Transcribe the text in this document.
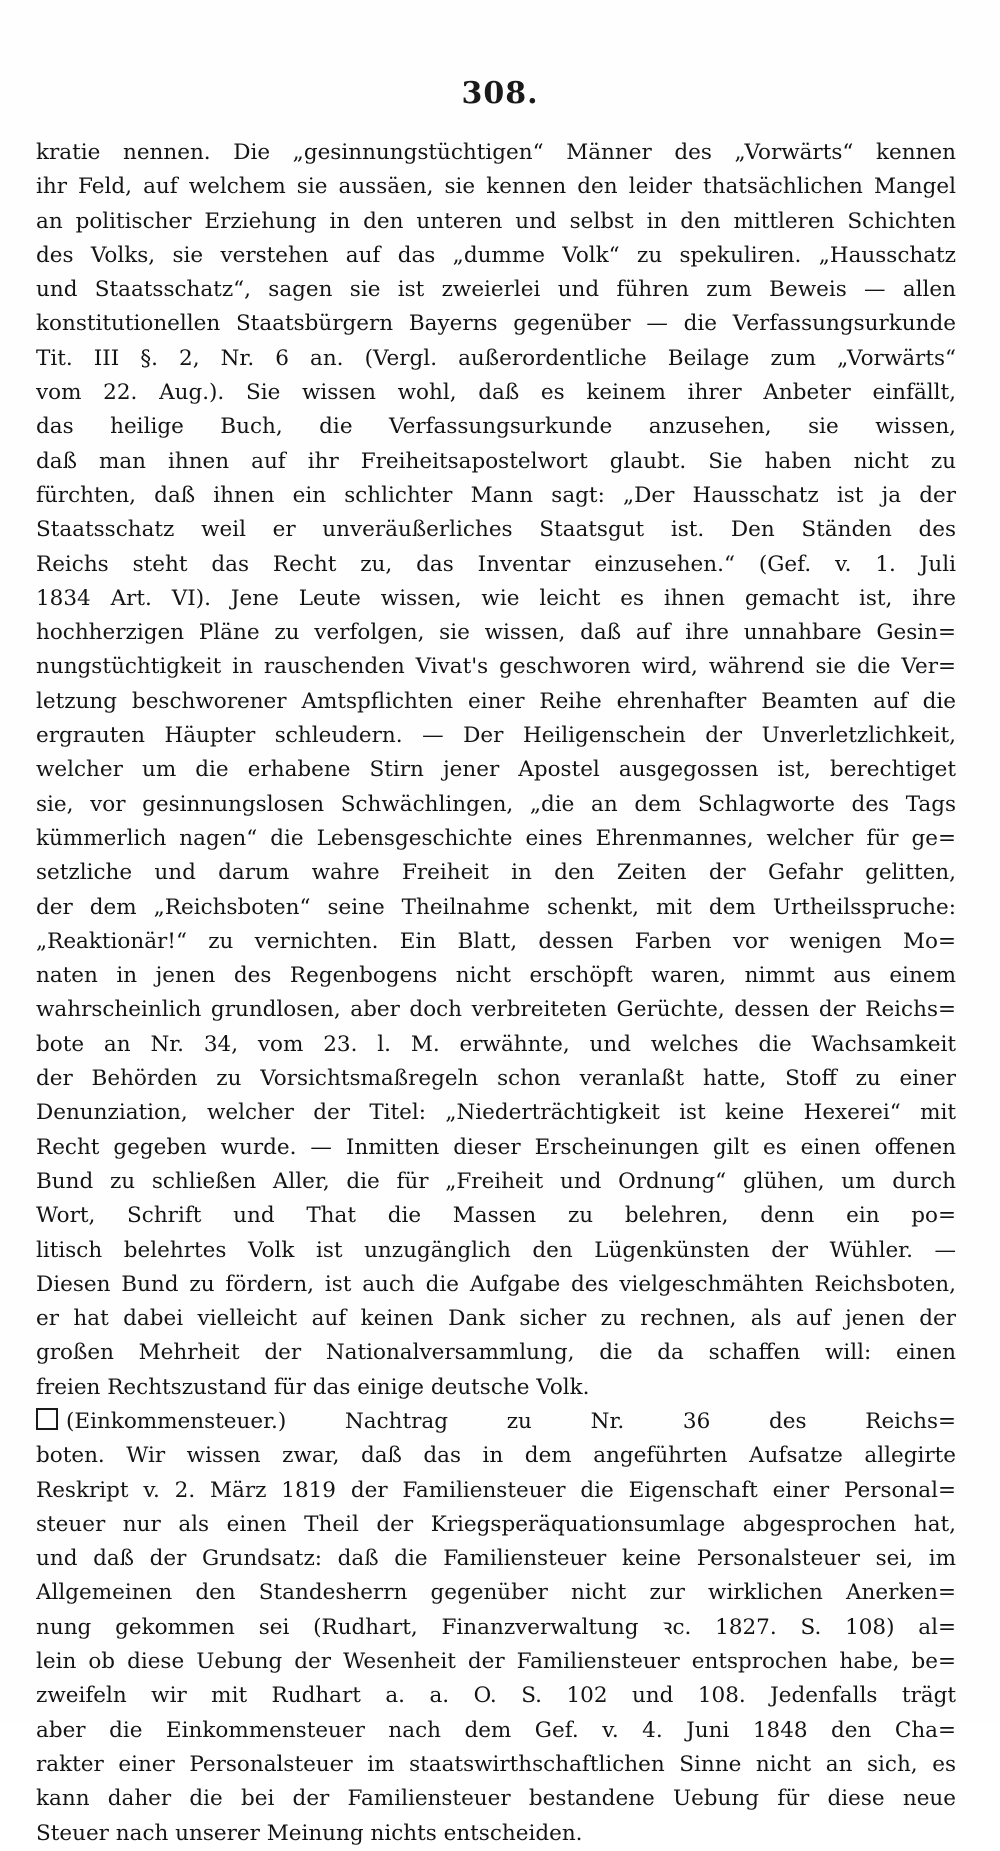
308.
kratie nennen. Die „gesinnungstüchtigen“ Männer des „Vorwärts“ kennen
ihr Feld, auf welchem sie aussäen, sie kennen den leider thatsächlichen Mangel
an politischer Erziehung in den unteren und selbst in den mittleren Schichten
des Volks, sie verstehen auf das „dumme Volk“ zu spekuliren. „Hausschatz
und Staatsschatz“, sagen sie ist zweierlei und führen zum Beweis — allen
konstitutionellen Staatsbürgern Bayerns gegenüber — die Verfassungsurkunde
Tit. III §. 2, Nr. 6 an. (Vergl. außerordentliche Beilage zum „Vorwärts“
vom 22. Aug.). Sie wissen wohl, daß es keinem ihrer Anbeter einfällt,
das heilige Buch, die Verfassungsurkunde anzusehen, sie wissen,
daß man ihnen auf ihr Freiheitsapostelwort glaubt. Sie haben nicht zu
fürchten, daß ihnen ein schlichter Mann sagt: „Der Hausschatz ist ja der
Staatsschatz weil er unveräußerliches Staatsgut ist. Den Ständen des
Reichs steht das Recht zu, das Inventar einzusehen.“ (Gef. v. 1. Juli
1834 Art. VI). Jene Leute wissen, wie leicht es ihnen gemacht ist, ihre
hochherzigen Pläne zu verfolgen, sie wissen, daß auf ihre unnahbare Gesin=
nungstüchtigkeit in rauschenden Vivat's geschworen wird, während sie die Ver=
letzung beschworener Amtspflichten einer Reihe ehrenhafter Beamten auf die
ergrauten Häupter schleudern. — Der Heiligenschein der Unverletzlichkeit,
welcher um die erhabene Stirn jener Apostel ausgegossen ist, berechtiget
sie, vor gesinnungslosen Schwächlingen, „die an dem Schlagworte des Tags
kümmerlich nagen“ die Lebensgeschichte eines Ehrenmannes, welcher für ge=
setzliche und darum wahre Freiheit in den Zeiten der Gefahr gelitten,
der dem „Reichsboten“ seine Theilnahme schenkt, mit dem Urtheilsspruche:
„Reaktionär!“ zu vernichten. Ein Blatt, dessen Farben vor wenigen Mo=
naten in jenen des Regenbogens nicht erschöpft waren, nimmt aus einem
wahrscheinlich grundlosen, aber doch verbreiteten Gerüchte, dessen der Reichs=
bote an Nr. 34, vom 23. l. M. erwähnte, und welches die Wachsamkeit
der Behörden zu Vorsichtsmaßregeln schon veranlaßt hatte, Stoff zu einer
Denunziation, welcher der Titel: „Niederträchtigkeit ist keine Hexerei“ mit
Recht gegeben wurde. — Inmitten dieser Erscheinungen gilt es einen offenen
Bund zu schließen Aller, die für „Freiheit und Ordnung“ glühen, um durch
Wort, Schrift und That die Massen zu belehren, denn ein po=
litisch belehrtes Volk ist unzugänglich den Lügenkünsten der Wühler. —
Diesen Bund zu fördern, ist auch die Aufgabe des vielgeschmähten Reichsboten,
er hat dabei vielleicht auf keinen Dank sicher zu rechnen, als auf jenen der
großen Mehrheit der Nationalversammlung, die da schaffen will: einen
freien Rechtszustand für das einige deutsche Volk.
(Einkommensteuer.) Nachtrag zu Nr. 36 des Reichs=
boten. Wir wissen zwar, daß das in dem angeführten Aufsatze allegirte
Reskript v. 2. März 1819 der Familiensteuer die Eigenschaft einer Personal=
steuer nur als einen Theil der Kriegsperäquationsumlage abgesprochen hat,
und daß der Grundsatz: daß die Familiensteuer keine Personalsteuer sei, im
Allgemeinen den Standesherrn gegenüber nicht zur wirklichen Anerken=
nung gekommen sei (Rudhart, Finanzverwaltung ꝛc. 1827. S. 108) al=
lein ob diese Uebung der Wesenheit der Familiensteuer entsprochen habe, be=
zweifeln wir mit Rudhart a. a. O. S. 102 und 108. Jedenfalls trägt
aber die Einkommensteuer nach dem Gef. v. 4. Juni 1848 den Cha=
rakter einer Personalsteuer im staatswirthschaftlichen Sinne nicht an sich, es
kann daher die bei der Familiensteuer bestandene Uebung für diese neue
Steuer nach unserer Meinung nichts entscheiden.
